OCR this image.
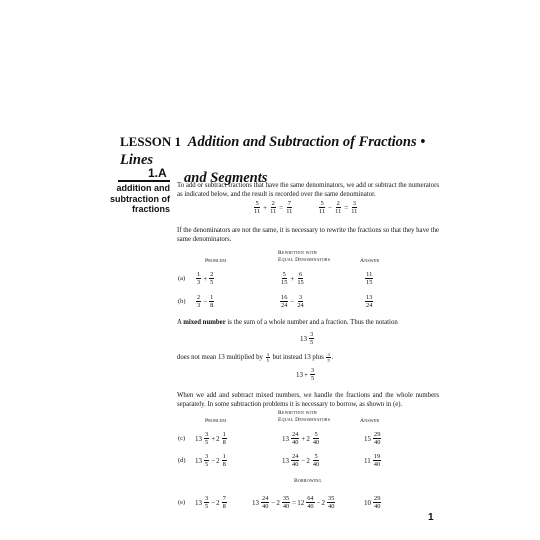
LESSON 1 Addition and Subtraction of Fractions • Lines
and Segments
1.A
addition and
subtraction of
fractions
To add or subtract fractions that have the same denominators, we add or subtract the numerators as indicated below, and the result is recorded over the same denominator.
$\frac{5}{11} + \frac{2}{11} = \frac{7}{11}$	$\frac{5}{11} - \frac{2}{11} = \frac{3}{11}$
If the denominators are not the same, it is necessary to rewrite the fractions so that they have the same denominators.
Rewritten with
Equal Denominators
Problem	Answer
(a)	$\frac{1}{3} + \frac{2}{5}$	$\frac{5}{15} + \frac{6}{15}$	$\frac{11}{15}$
(b)	$\frac{2}{3} - \frac{1}{8}$	$\frac{16}{24} - \frac{3}{24}$	$\frac{13}{24}$
A mixed number is the sum of a whole number and a fraction. Thus the notation
$13 \frac{3}{5}$
does not mean 13 multiplied by $\frac{3}{5}$ but instead 13 plus $\frac{3}{5}$ .
$13 + \frac{3}{5}$
When we add and subtract mixed numbers, we handle the fractions and the whole numbers separately. In some subtraction problems it is necessary to borrow, as shown in (e).
Rewritten with
Equal Denominators
Problem	Answer
(c)	$13 \frac{3}{5} + 2 \frac{1}{8}$	$13 \frac{24}{40} + 2 \frac{5}{40}$	$15 \frac{29}{40}$
(d)	$13 \frac{3}{5} - 2 \frac{1}{8}$	$13 \frac{24}{40} - 2 \frac{5}{40}$	$11 \frac{19}{40}$
Borrowing
(e)	$13 \frac{3}{5} - 2 \frac{7}{8}$	$13 \frac{24}{40} - 2 \frac{35}{40} = 12 \frac{64}{40} - 2 \frac{35}{40}$	$10 \frac{29}{40}$
1
